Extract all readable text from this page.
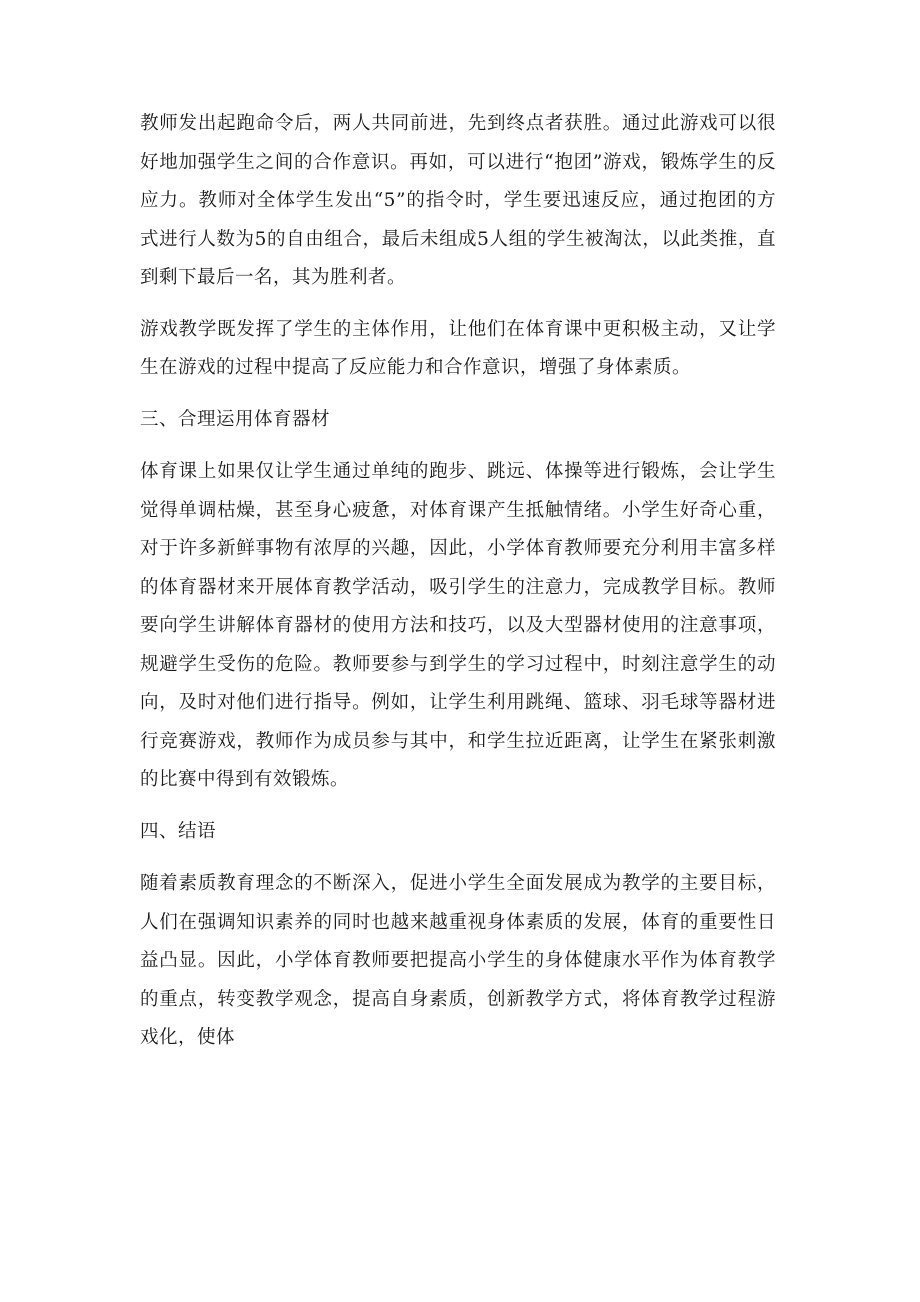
教师发出起跑命令后，两人共同前进，先到终点者获胜。通过此游戏可以很好地加强学生之间的合作意识。再如，可以进行“抱团”游戏，锻炼学生的反应力。教师对全体学生发出“5”的指令时，学生要迅速反应，通过抱团的方式进行人数为5的自由组合，最后未组成5人组的学生被淘汰，以此类推，直到剩下最后一名，其为胜利者。

游戏教学既发挥了学生的主体作用，让他们在体育课中更积极主动，又让学生在游戏的过程中提高了反应能力和合作意识，增强了身体素质。

三、合理运用体育器材

体育课上如果仅让学生通过单纯的跑步、跳远、体操等进行锻炼，会让学生觉得单调枯燥，甚至身心疲惫，对体育课产生抵触情绪。小学生好奇心重，对于许多新鲜事物有浓厚的兴趣，因此，小学体育教师要充分利用丰富多样的体育器材来开展体育教学活动，吸引学生的注意力，完成教学目标。教师要向学生讲解体育器材的使用方法和技巧，以及大型器材使用的注意事项，规避学生受伤的危险。教师要参与到学生的学习过程中，时刻注意学生的动向，及时对他们进行指导。例如，让学生利用跳绳、篮球、羽毛球等器材进行竞赛游戏，教师作为成员参与其中，和学生拉近距离，让学生在紧张刺激的比赛中得到有效锻炼。

四、结语

随着素质教育理念的不断深入，促进小学生全面发展成为教学的主要目标，人们在强调知识素养的同时也越来越重视身体素质的发展，体育的重要性日益凸显。因此，小学体育教师要把提高小学生的身体健康水平作为体育教学的重点，转变教学观念，提高自身素质，创新教学方式，将体育教学过程游戏化，使体
